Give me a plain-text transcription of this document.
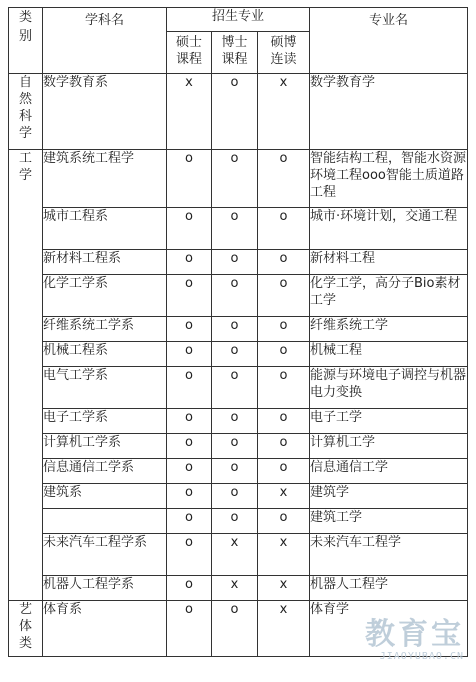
类别	学科名	招生专业			专业名

		硕士课程	博士课程	硕博连读	

自然科学	数学教育系	x	o	x	数学教育学

工学	建筑系统工程学	o	o	o	智能结构工程，智能水资源环境工程ooo智能土质道路工程
	城市工程系	o	o	o	城市·环境计划，交通工程
	新材料工程系	o	o	o	新材料工程
	化学工学系	o	o	o	化学工学，高分子Bio素材工学
	纤维系统工学系	o	o	o	纤维系统工学
	机械工程系	o	o	o	机械工程
	电气工学系	o	o	o	能源与环境电子调控与机器电力变换
	电子工学系	o	o	o	电子工学
	计算机工学系	o	o	o	计算机工学
	信息通信工学系	o	o	o	信息通信工学
	建筑系	o	o	x	建筑学
		o	o	o	建筑工学
	未来汽车工程学系	o	x	x	未来汽车工程学
	机器人工程学系	o	x	x	机器人工程学

艺体类	体育系	o	o	x	体育学
教育宝
JIAOYUBAO.CN
